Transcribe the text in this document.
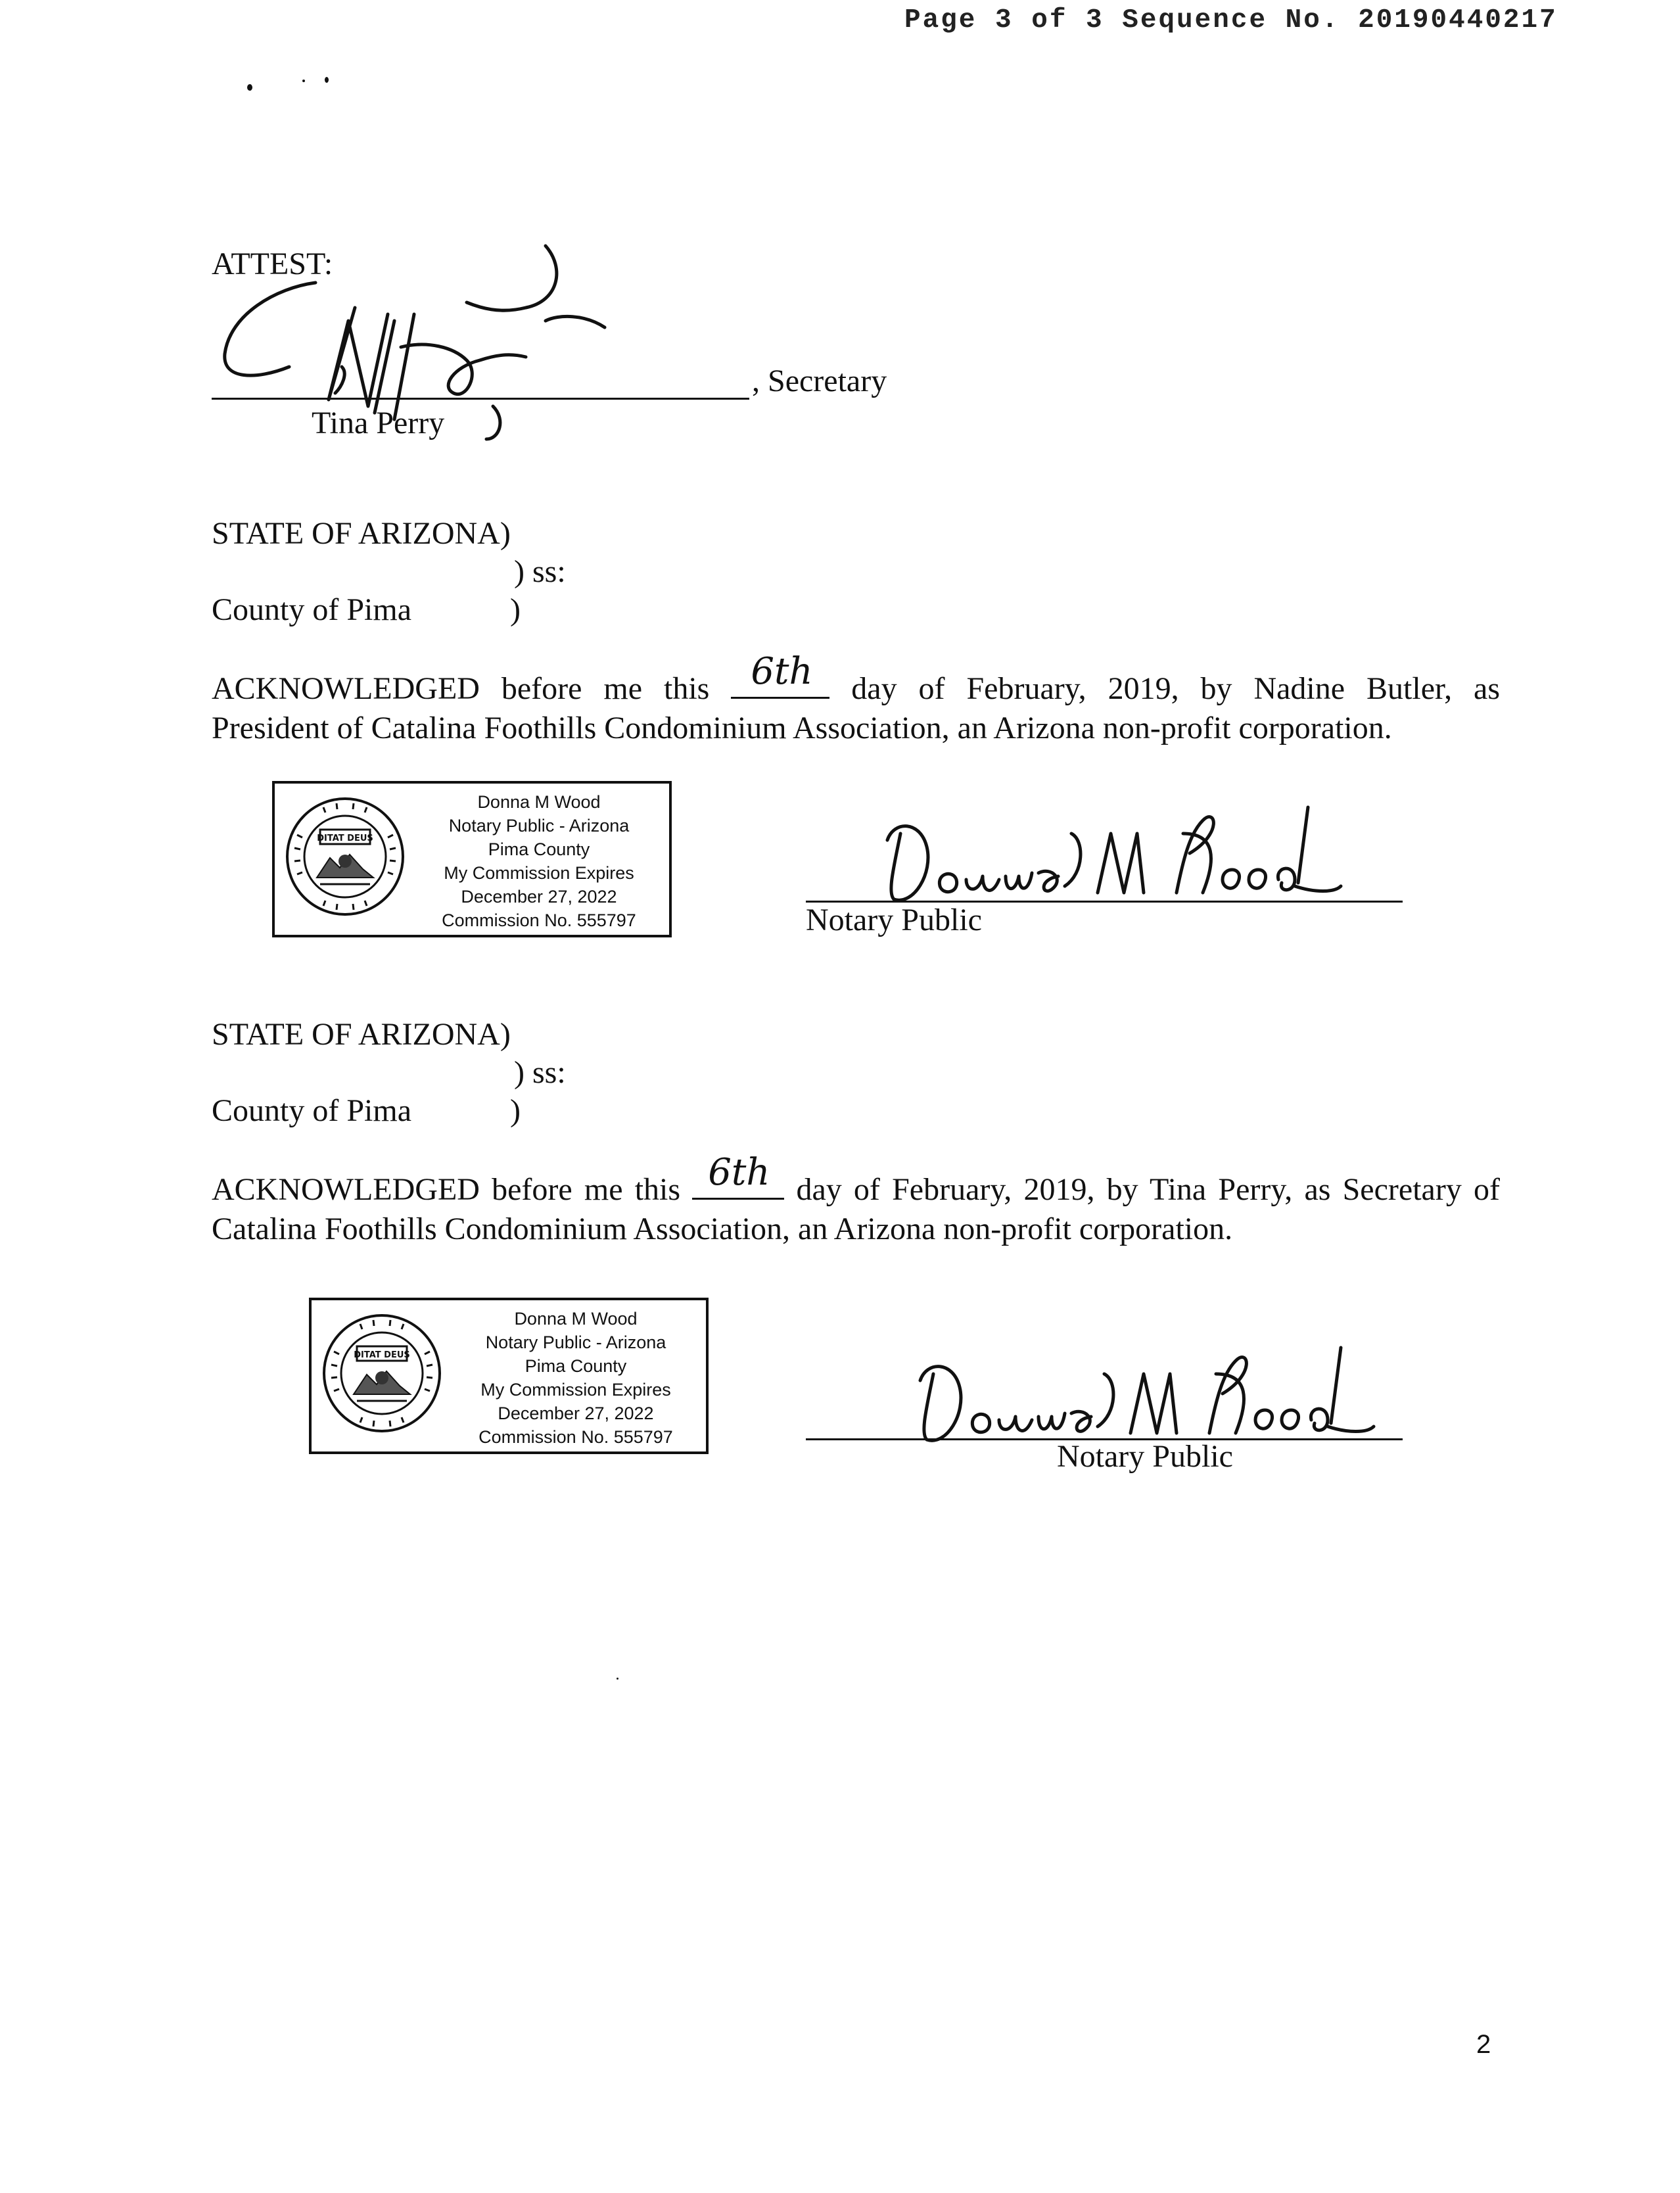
Page 3 of 3 Sequence No. 20190440217
ATTEST:
, Secretary
Tina Perry
STATE OF ARIZONA)
) ss:
County of Pima	)
ACKNOWLEDGED before me this 6th day of February, 2019, by Nadine Butler, as
President of Catalina Foothills Condominium Association, an Arizona non-profit corporation.
DITAT DEUS
Donna M Wood
Notary Public - Arizona
Pima County
My Commission Expires
December 27, 2022
Commission No. 555797	Notary Public
STATE OF ARIZONA)
) ss:
County of Pima	)
ACKNOWLEDGED before me this 6th day of February, 2019, by Tina Perry, as Secretary of
Catalina Foothills Condominium Association, an Arizona non-profit corporation.
DITAT DEUS
Donna M Wood
Notary Public - Arizona
Pima County
My Commission Expires
December 27, 2022
Commission No. 555797
Notary Public
2
